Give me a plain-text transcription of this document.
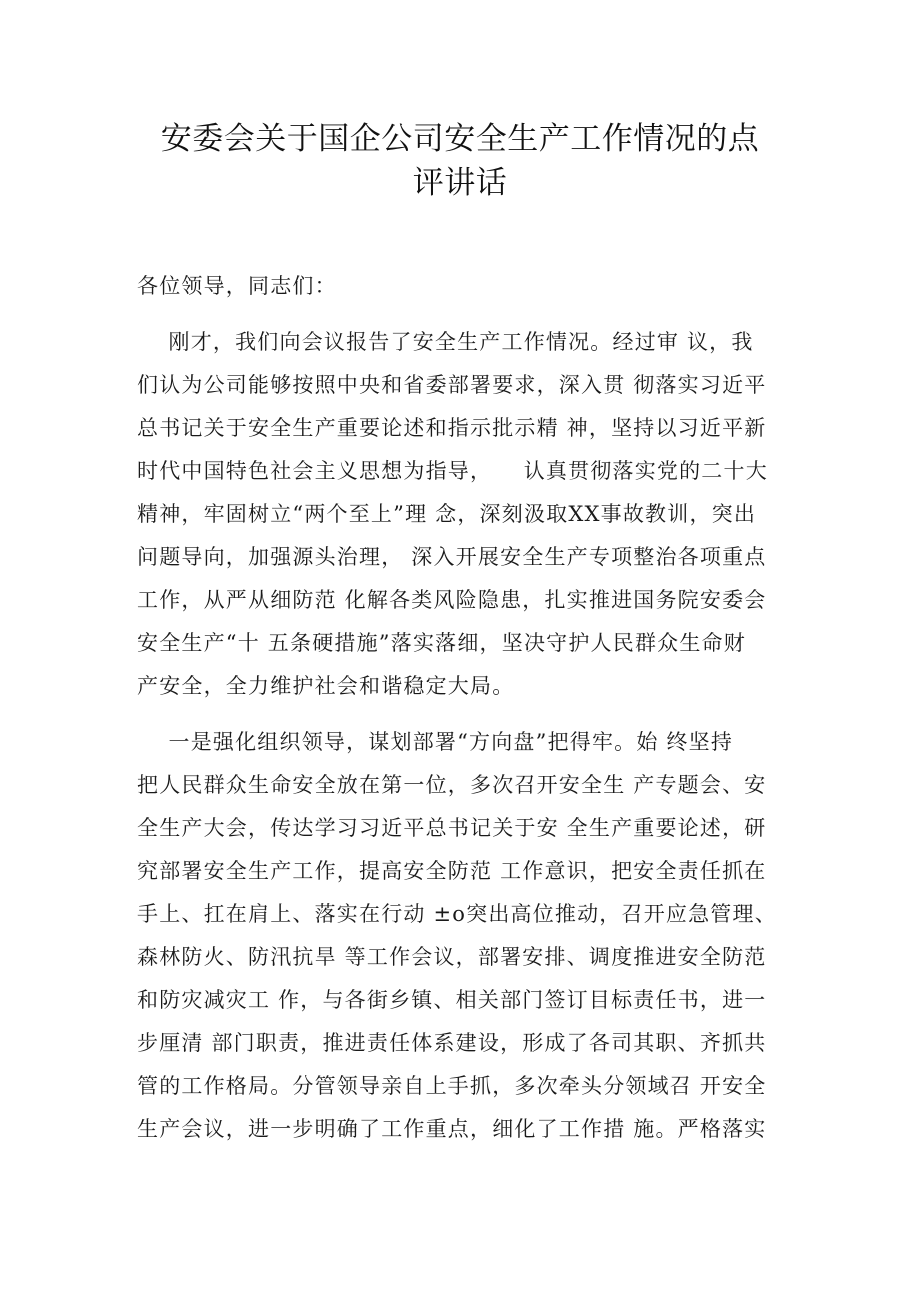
安委会关于国企公司安全生产工作情况的点
评讲话
各位领导，同志们：
刚才，我们向会议报告了安全生产工作情况。经过审 议，我
们认为公司能够按照中央和省委部署要求，深入贯 彻落实习近平
总书记关于安全生产重要论述和指示批示精 神，坚持以习近平新
时代中国特色社会主义思想为指导，    认真贯彻落实党的二十大
精神，牢固树立“两个至上”理 念，深刻汲取XX事故教训，突出
问题导向，加强源头治理， 深入开展安全生产专项整治各项重点
工作，从严从细防范 化解各类风险隐患，扎实推进国务院安委会
安全生产“十 五条硬措施”落实落细，坚决守护人民群众生命财
产安全，全力维护社会和谐稳定大局。
一是强化组织领导，谋划部署“方向盘”把得牢。始 终坚持
把人民群众生命安全放在第一位，多次召开安全生 产专题会、安
全生产大会，传达学习习近平总书记关于安 全生产重要论述，研
究部署安全生产工作，提高安全防范 工作意识，把安全责任抓在
手上、扛在肩上、落实在行动 ±o突出高位推动，召开应急管理、
森林防火、防汛抗旱 等工作会议，部署安排、调度推进安全防范
和防灾减灾工 作，与各街乡镇、相关部门签订目标责任书，进一
步厘清 部门职责，推进责任体系建设，形成了各司其职、齐抓共
管的工作格局。分管领导亲自上手抓，多次牵头分领域召 开安全
生产会议，进一步明确了工作重点，细化了工作措 施。严格落实
